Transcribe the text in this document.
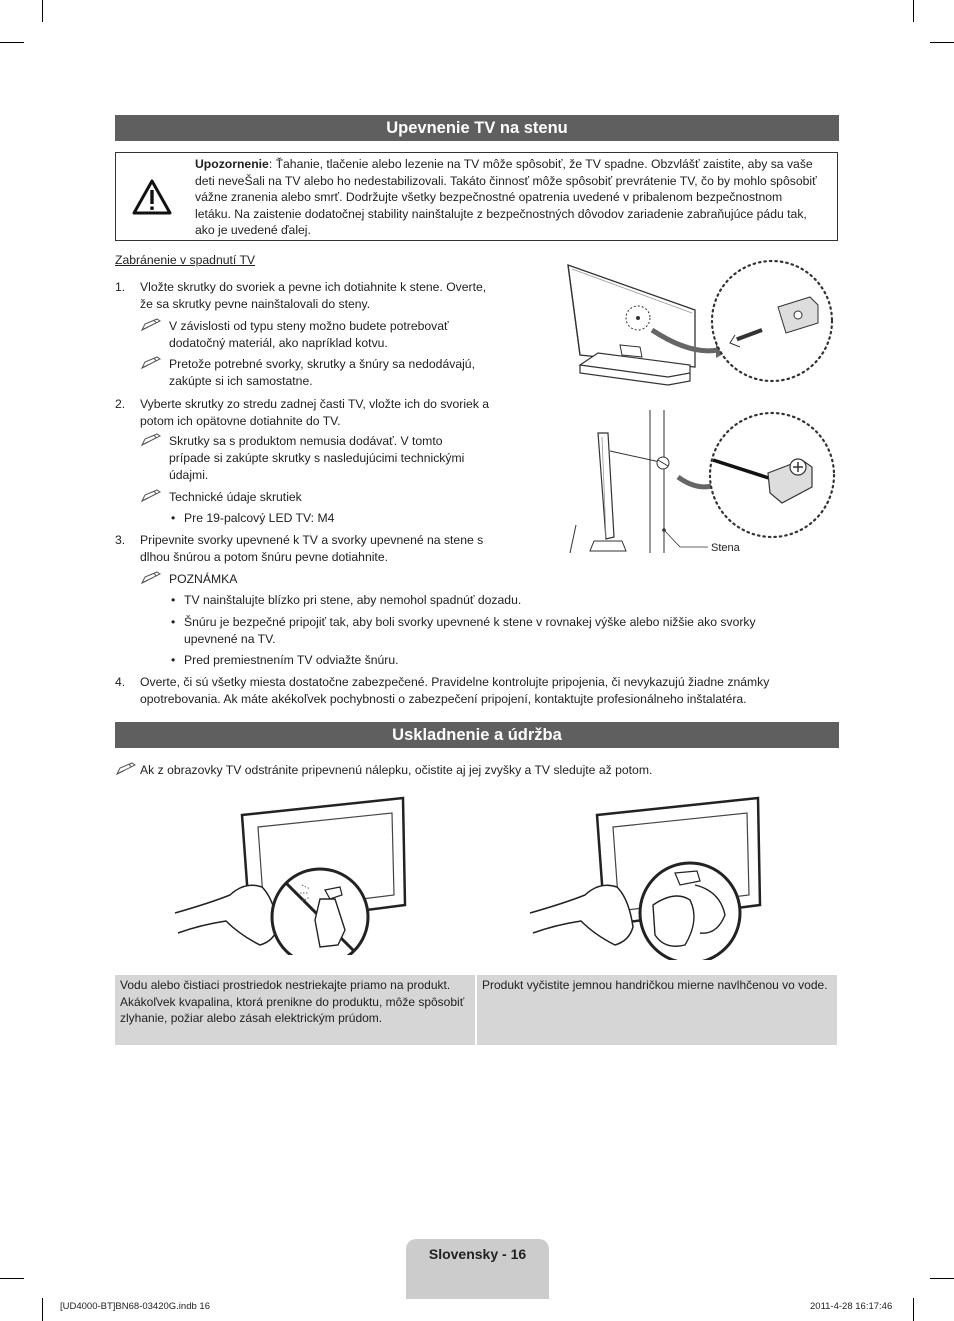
Upevnenie TV na stenu
Upozornenie: Ťahanie, tlačenie alebo lezenie na TV môže spôsobiť, že TV spadne. Obzvlášť zaistite, aby sa vaše deti neveŠali na TV alebo ho nedestabilizovali. Takáto činnosť môže spôsobiť prevrátenie TV, čo by mohlo spôsobiť vážne zranenia alebo smrť. Dodržujte všetky bezpečnostné opatrenia uvedené v pribalenom bezpečnostnom letáku. Na zaistenie dodatočnej stability nainštalujte z bezpečnostných dôvodov zariadenie zabraňujúce pádu tak, ako je uvedené ďalej.
Zabránenie v spadnutí TV
1.	Vložte skrutky do svoriek a pevne ich dotiahnite k stene. Overte,
že sa skrutky pevne nainštalovali do steny.
V závislosti od typu steny možno budete potrebovať
dodatočný materiál, ako napríklad kotvu.
Pretože potrebné svorky, skrutky a šnúry sa nedodávajú,
zakúpte si ich samostatne.
2.	Vyberte skrutky zo stredu zadnej časti TV, vložte ich do svoriek a
potom ich opätovne dotiahnite do TV.
Skrutky sa s produktom nemusia dodávať. V tomto
prípade si zakúpte skrutky s nasledujúcimi technickými
údajmi.
Technické údaje skrutiek
• Pre 19-palcový LED TV: M4
3.	Pripevnite svorky upevnené k TV a svorky upevnené na stene s
dlhou šnúrou a potom šnúru pevne dotiahnite.
POZNÁMKA
• TV nainštalujte blízko pri stene, aby nemohol spadnúť dozadu.
• Šnúru je bezpečné pripojiť tak, aby boli svorky upevnené k stene v rovnakej výške alebo nižšie ako svorky
upevnené na TV.
• Pred premiestnením TV odviažte šnúru.
4.	Overte, či sú všetky miesta dostatočne zabezpečené. Pravidelne kontrolujte pripojenia, či nevykazujú žiadne známky
opotrebovania. Ak máte akékoľvek pochybnosti o zabezpečení pripojení, kontaktujte profesionálneho inštalatéra.
Stena
Uskladnenie a údržba
Ak z obrazovky TV odstránite pripevnenú nálepku, očistite aj jej zvyšky a TV sledujte až potom.
Vodu alebo čistiaci prostriedok nestriekajte priamo na produkt. Akákoľvek kvapalina, ktorá prenikne do produktu, môže spôsobiť zlyhanie, požiar alebo zásah elektrickým prúdom.
Produkt vyčistite jemnou handričkou mierne navlhčenou vo vode.
Slovensky - 16
[UD4000-BT]BN68-03420G.indb 16	2011-4-28 16:17:46
